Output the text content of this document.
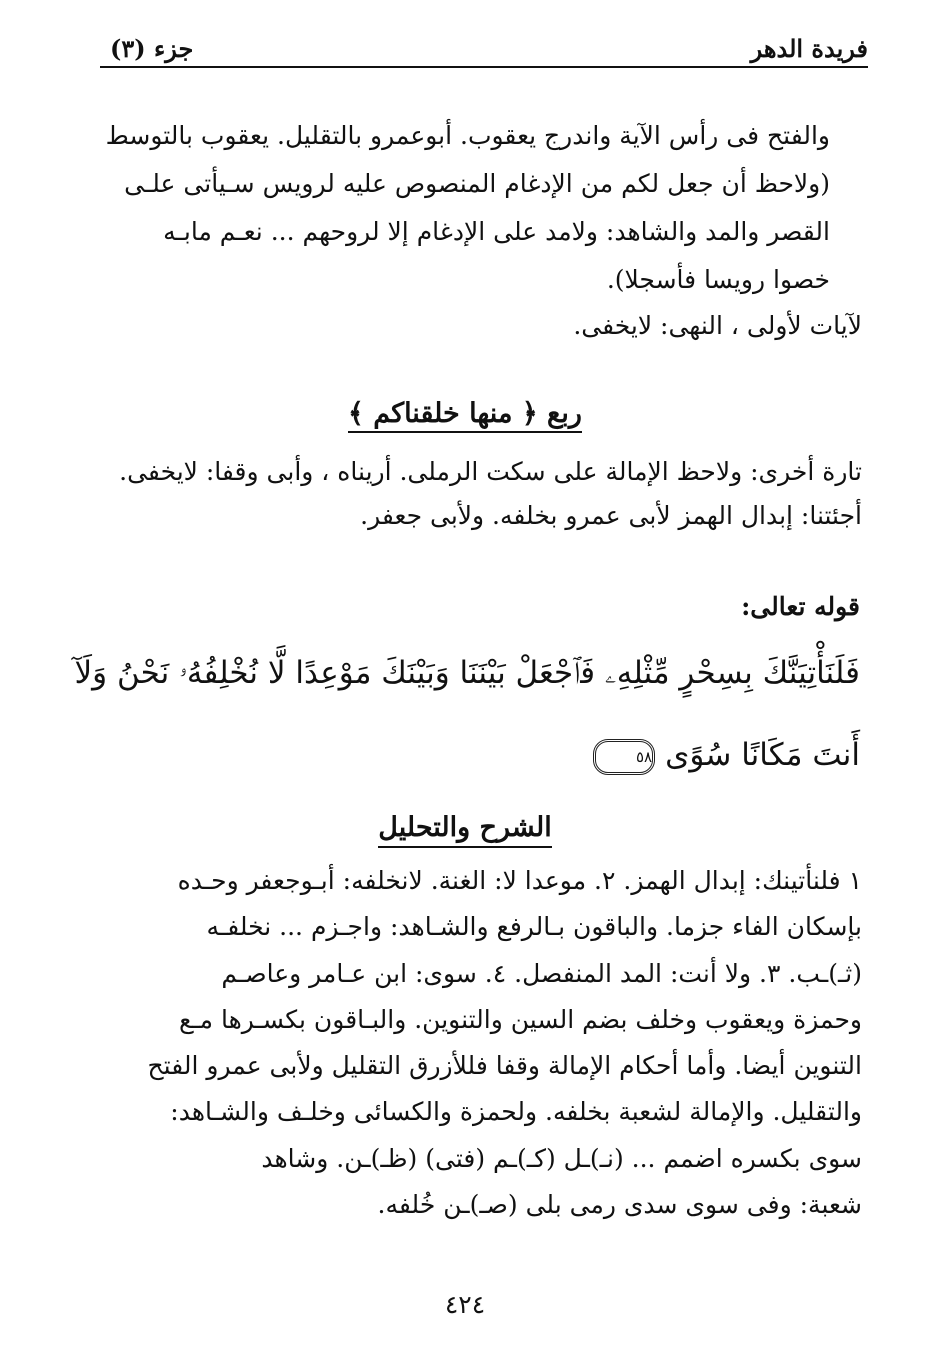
فريدة الدهر
جزء (٣)
والفتح فى رأس الآية واندرج يعقوب. أبوعمرو بالتقليل. يعقوب بالتوسط
(ولاحظ أن جعل لكم من الإدغام المنصوص عليه لرويس سـيأتى علـى
القصر والمد والشاهد: ولامد على الإدغام إلا لروحهم ... نعـم مابـه
خصوا رويسا فأسجلا).
لآيات لأولى ، النهى: لايخفى.
ربع ﴿ منها خلقناكم ﴾
تارة أخرى: ولاحظ الإمالة على سكت الرملى. أريناه ، وأبى وقفا: لايخفى.
أجئتنا: إبدال الهمز لأبى عمرو بخلفه. ولأبى جعفر.
قوله تعالى:
فَلَنَأْتِيَنَّكَ بِسِحْرٍ مِّثْلِهِۦ فَٱجْعَلْ بَيْنَنَا وَبَيْنَكَ مَوْعِدًا لَّا نُخْلِفُهُۥ نَحْنُ وَلَآ
أَنتَ مَكَانًا سُوًى٥٨
الشرح والتحليل
١ فلنأتينك: إبدال الهمز. ٢. موعدا لا: الغنة. لانخلفه: أبـوجعفر وحـده
بإسكان الفاء جزما. والباقون بـالرفع والشـاهد: واجـزم ... نخلفـه
(ثـ)ـب. ٣. ولا أنت: المد المنفصل. ٤. سوى: ابن عـامر وعاصـم
وحمزة ويعقوب وخلف بضم السين والتنوين. والبـاقون بكسـرها مـع
التنوين أيضا. وأما أحكام الإمالة وقفا فللأزرق التقليل ولأبى عمرو الفتح
والتقليل. والإمالة لشعبة بخلفه. ولحمزة والكسائى وخلـف والشـاهد:
سوى بكسره اضمم ... (نـ)ـل (كـ)ـم (فتى) (ظـ)ـن. وشاهد
شعبة: وفى سوى سدى رمى بلى (صـ)ـن خُلفه.
٤٢٤
